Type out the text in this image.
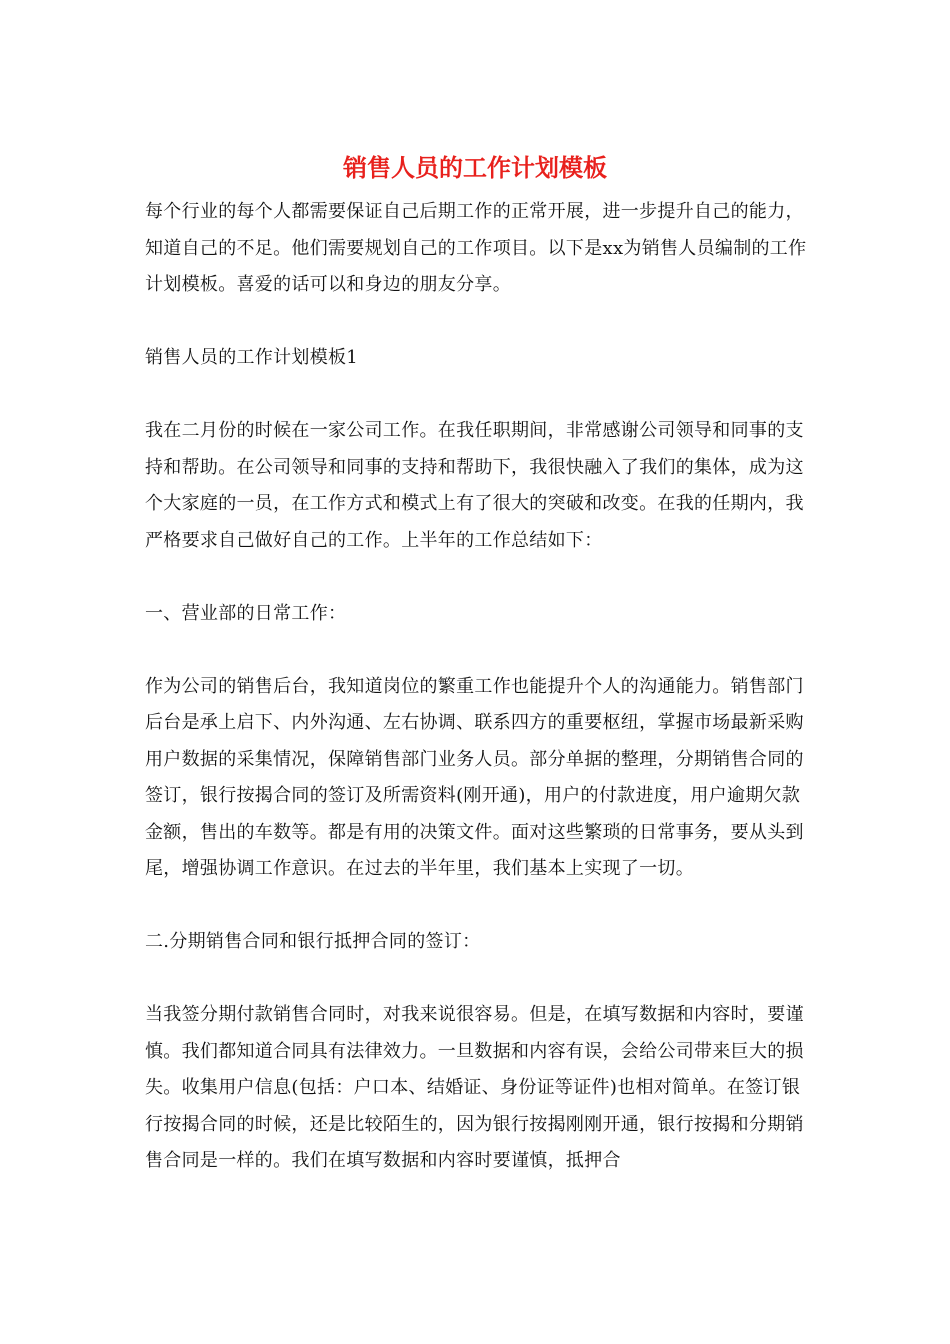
销售人员的工作计划模板

每个行业的每个人都需要保证自己后期工作的正常开展，进一步提升自己的能力，知道自己的不足。他们需要规划自己的工作项目。以下是xx为销售人员编制的工作计划模板。喜爱的话可以和身边的朋友分享。

销售人员的工作计划模板1

我在二月份的时候在一家公司工作。在我任职期间，非常感谢公司领导和同事的支持和帮助。在公司领导和同事的支持和帮助下，我很快融入了我们的集体，成为这个大家庭的一员，在工作方式和模式上有了很大的突破和改变。在我的任期内，我严格要求自己做好自己的工作。上半年的工作总结如下：

一、营业部的日常工作：

作为公司的销售后台，我知道岗位的繁重工作也能提升个人的沟通能力。销售部门后台是承上启下、内外沟通、左右协调、联系四方的重要枢纽，掌握市场最新采购用户数据的采集情况，保障销售部门业务人员。部分单据的整理，分期销售合同的签订，银行按揭合同的签订及所需资料(刚开通)，用户的付款进度，用户逾期欠款金额，售出的车数等。都是有用的决策文件。面对这些繁琐的日常事务，要从头到尾，增强协调工作意识。在过去的半年里，我们基本上实现了一切。

二.分期销售合同和银行抵押合同的签订：

当我签分期付款销售合同时，对我来说很容易。但是，在填写数据和内容时，要谨慎。我们都知道合同具有法律效力。一旦数据和内容有误，会给公司带来巨大的损失。收集用户信息(包括：户口本、结婚证、身份证等证件)也相对简单。在签订银行按揭合同的时候，还是比较陌生的，因为银行按揭刚刚开通，银行按揭和分期销售合同是一样的。我们在填写数据和内容时要谨慎，抵押合
